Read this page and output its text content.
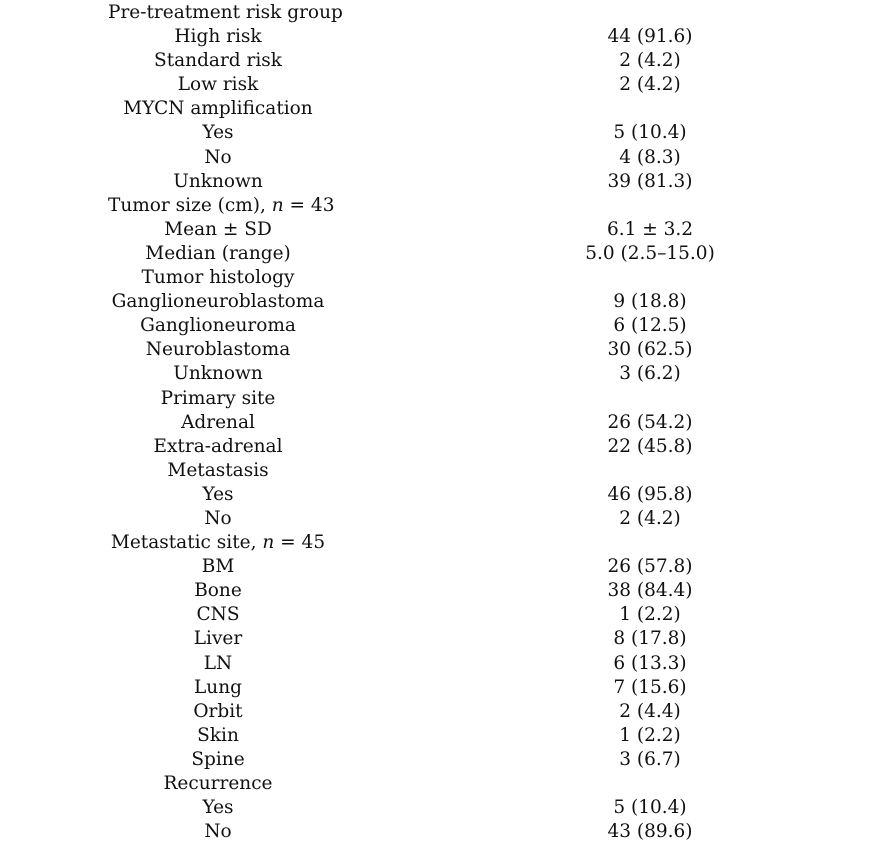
Pre-treatment risk group
High risk	44 (91.6)
Standard risk	2 (4.2)
Low risk	2 (4.2)
MYCN amplification
Yes	5 (10.4)
No	4 (8.3)
Unknown	39 (81.3)
Tumor size (cm), n = 43
Mean ± SD	6.1 ± 3.2
Median (range)	5.0 (2.5–15.0)
Tumor histology
Ganglioneuroblastoma	9 (18.8)
Ganglioneuroma	6 (12.5)
Neuroblastoma	30 (62.5)
Unknown	3 (6.2)
Primary site
Adrenal	26 (54.2)
Extra-adrenal	22 (45.8)
Metastasis
Yes	46 (95.8)
No	2 (4.2)
Metastatic site, n = 45
BM	26 (57.8)
Bone	38 (84.4)
CNS	1 (2.2)
Liver	8 (17.8)
LN	6 (13.3)
Lung	7 (15.6)
Orbit	2 (4.4)
Skin	1 (2.2)
Spine	3 (6.7)
Recurrence
Yes	5 (10.4)
No	43 (89.6)
